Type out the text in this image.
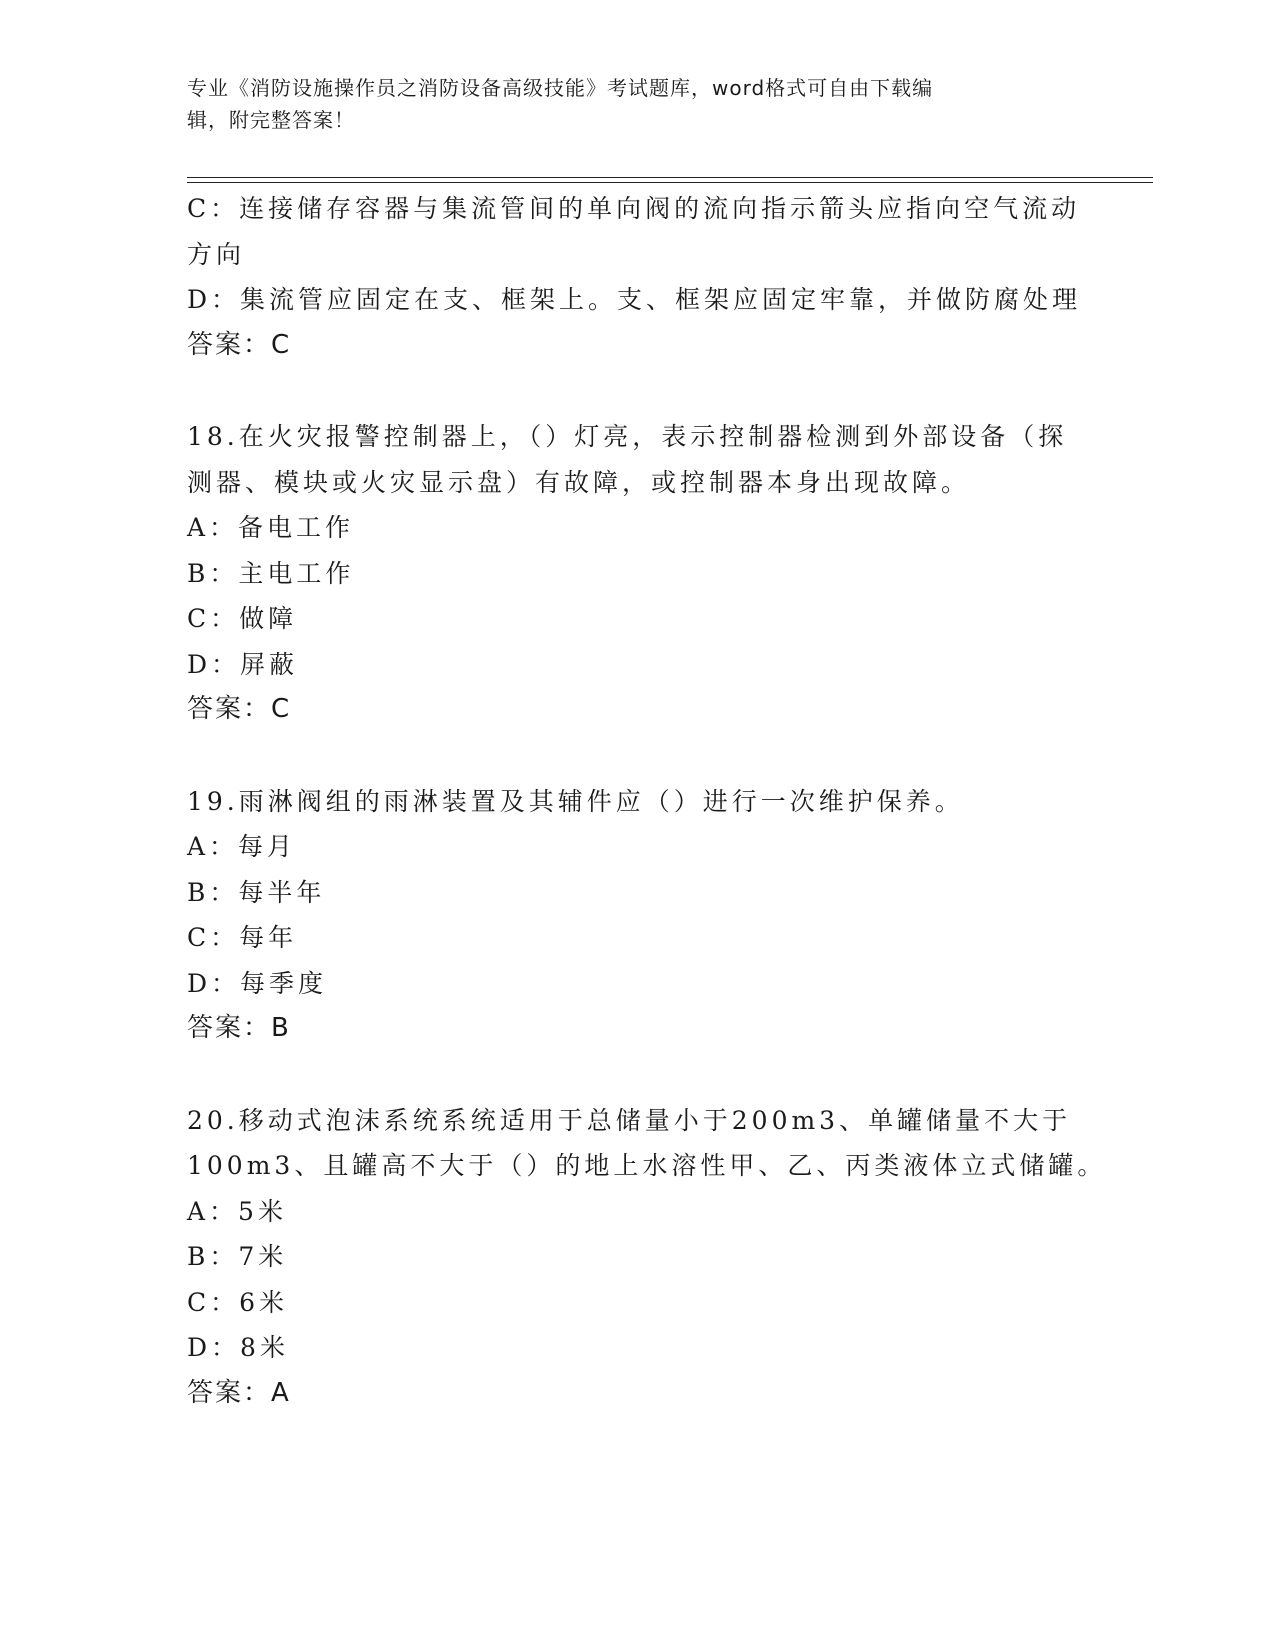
专业《消防设施操作员之消防设备高级技能》考试题库，word格式可自由下载编
辑，附完整答案！
C：连接储存容器与集流管间的单向阀的流向指示箭头应指向空气流动
方向
D：集流管应固定在支、框架上。支、框架应固定牢靠，并做防腐处理
答案：C
18.在火灾报警控制器上，（）灯亮，表示控制器检测到外部设备（探
测器、模块或火灾显示盘）有故障，或控制器本身出现故障。
A：备电工作
B：主电工作
C：做障
D：屏蔽
答案：C
19.雨淋阀组的雨淋装置及其辅件应（）进行一次维护保养。
A：每月
B：每半年
C：每年
D：每季度
答案：B
20.移动式泡沫系统系统适用于总储量小于200m3、单罐储量不大于
100m3、且罐高不大于（）的地上水溶性甲、乙、丙类液体立式储罐。
A：5米
B：7米
C：6米
D：8米
答案：A
